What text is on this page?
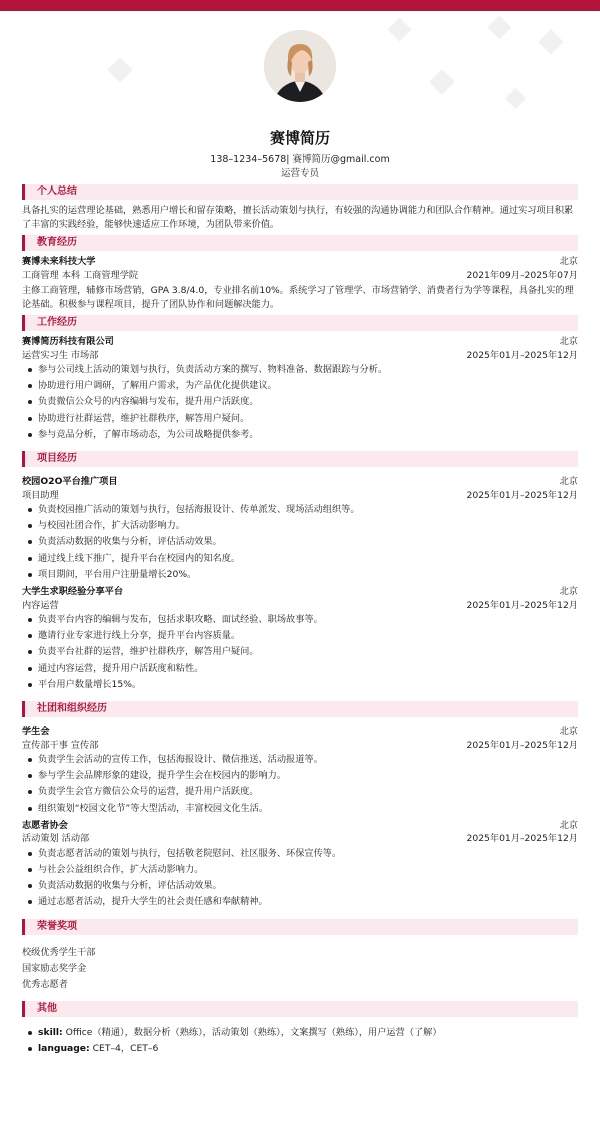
赛博简历
138–1234–5678| 赛博简历@gmail.com
运营专员
个人总结
具备扎实的运营理论基础，熟悉用户增长和留存策略，擅长活动策划与执行，有较强的沟通协调能力和团队合作精神。通过实习项目积累了丰富的实践经验，能够快速适应工作环境，为团队带来价值。
教育经历
赛博未来科技大学	北京
工商管理 本科 工商管理学院	2021年09月–2025年07月
主修工商管理，辅修市场营销，GPA 3.8/4.0，专业排名前10%。系统学习了管理学、市场营销学、消费者行为学等课程，具备扎实的理论基础。积极参与课程项目，提升了团队协作和问题解决能力。
工作经历
赛博简历科技有限公司	北京
运营实习生 市场部	2025年01月–2025年12月
参与公司线上活动的策划与执行，负责活动方案的撰写、物料准备、数据跟踪与分析。
协助进行用户调研，了解用户需求，为产品优化提供建议。
负责微信公众号的内容编辑与发布，提升用户活跃度。
协助进行社群运营，维护社群秩序，解答用户疑问。
参与竞品分析，了解市场动态，为公司战略提供参考。
项目经历
校园O2O平台推广项目	北京
项目助理	2025年01月–2025年12月
负责校园推广活动的策划与执行，包括海报设计、传单派发、现场活动组织等。
与校园社团合作，扩大活动影响力。
负责活动数据的收集与分析，评估活动效果。
通过线上线下推广，提升平台在校园内的知名度。
项目期间，平台用户注册量增长20%。
大学生求职经验分享平台	北京
内容运营	2025年01月–2025年12月
负责平台内容的编辑与发布，包括求职攻略、面试经验、职场故事等。
邀请行业专家进行线上分享，提升平台内容质量。
负责平台社群的运营，维护社群秩序，解答用户疑问。
通过内容运营，提升用户活跃度和粘性。
平台用户数量增长15%。
社团和组织经历
学生会	北京
宣传部干事 宣传部	2025年01月–2025年12月
负责学生会活动的宣传工作，包括海报设计、微信推送、活动报道等。
参与学生会品牌形象的建设，提升学生会在校园内的影响力。
负责学生会官方微信公众号的运营，提升用户活跃度。
组织策划“校园文化节”等大型活动，丰富校园文化生活。
志愿者协会	北京
活动策划 活动部	2025年01月–2025年12月
负责志愿者活动的策划与执行，包括敬老院慰问、社区服务、环保宣传等。
与社会公益组织合作，扩大活动影响力。
负责活动数据的收集与分析，评估活动效果。
通过志愿者活动，提升大学生的社会责任感和奉献精神。
荣誉奖项
校级优秀学生干部
国家励志奖学金
优秀志愿者
其他
skill: Office（精通），数据分析（熟练），活动策划（熟练），文案撰写（熟练），用户运营（了解）
language: CET–4，CET–6
